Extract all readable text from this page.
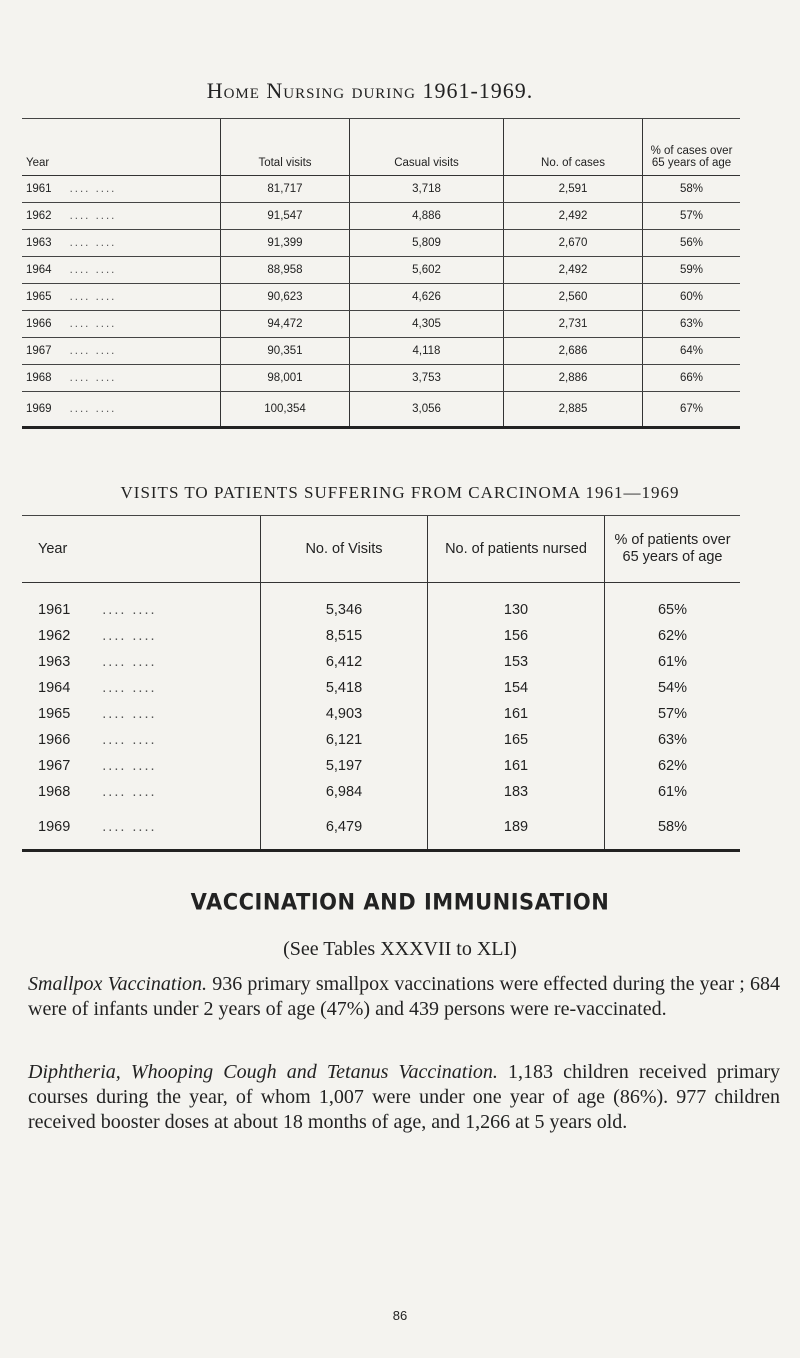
Home Nursing during 1961-1969.
Year	Total visits	Casual visits	No. of cases	% of cases over 65 years of age
1961 .... ....	81,717	3,718	2,591	58%
1962 .... ....	91,547	4,886	2,492	57%
1963 .... ....	91,399	5,809	2,670	56%
1964 .... ....	88,958	5,602	2,492	59%
1965 .... ....	90,623	4,626	2,560	60%
1966 .... ....	94,472	4,305	2,731	63%
1967 .... ....	90,351	4,118	2,686	64%
1968 .... ....	98,001	3,753	2,886	66%
1969 .... ....	100,354	3,056	2,885	67%
VISITS TO PATIENTS SUFFERING FROM CARCINOMA 1961—1969
Year	No. of Visits	No. of patients nursed	% of patients over 65 years of age
1961 .... ....	5,346	130	65%
1962 .... ....	8,515	156	62%
1963 .... ....	6,412	153	61%
1964 .... ....	5,418	154	54%
1965 .... ....	4,903	161	57%
1966 .... ....	6,121	165	63%
1967 .... ....	5,197	161	62%
1968 .... ....	6,984	183	61%
1969 .... ....	6,479	189	58%
VACCINATION AND IMMUNISATION
(See Tables XXXVII to XLI)
Smallpox Vaccination. 936 primary smallpox vaccinations were effected during the year ; 684 were of infants under 2 years of age (47%) and 439 persons were re-vaccinated.
Diphtheria, Whooping Cough and Tetanus Vaccination. 1,183 children received primary courses during the year, of whom 1,007 were under one year of age (86%). 977 children received booster doses at about 18 months of age, and 1,266 at 5 years old.
86
